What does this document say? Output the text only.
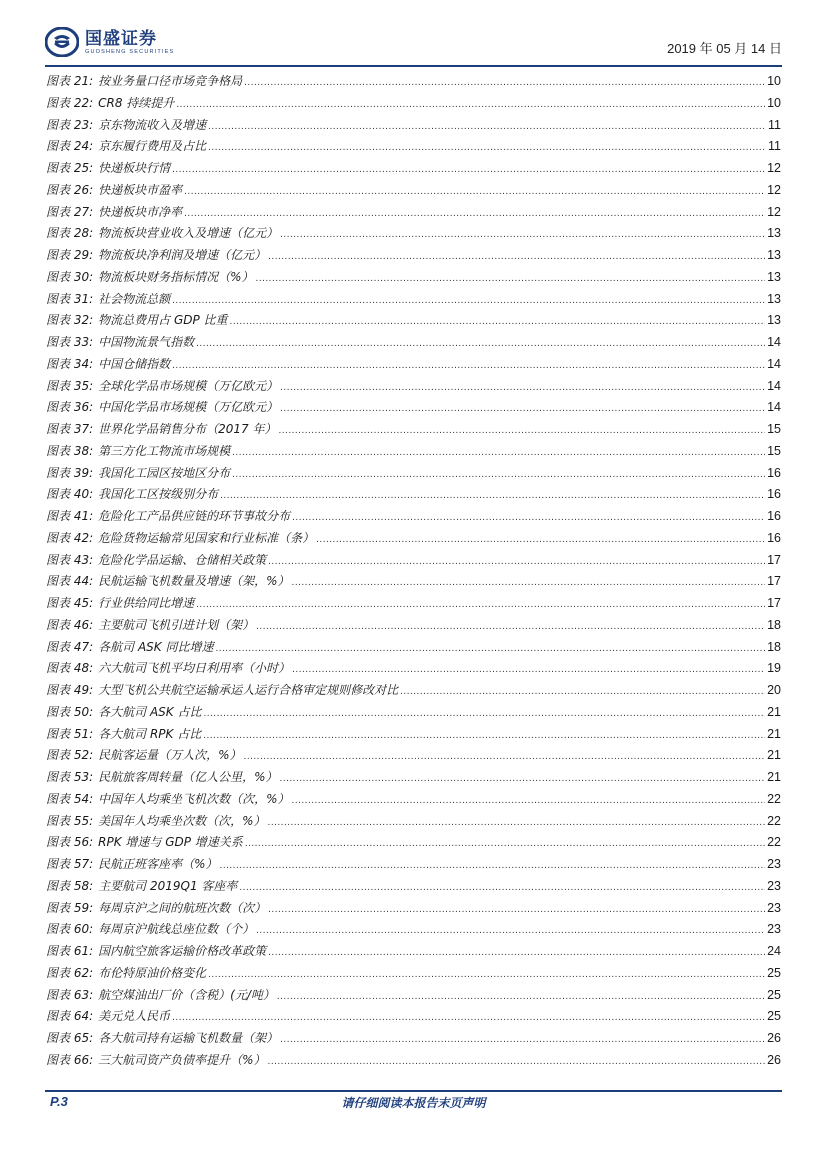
国盛证券
GUOSHENG SECURITIES	2019 年 05 月 14 日
图表 21: 按业务量口径市场竞争格局 .....	10
图表 22: CR8 持续提升 .....	10
图表 23: 京东物流收入及增速 .....	11
图表 24: 京东履行费用及占比 .....	11
图表 25: 快递板块行情 .....	12
图表 26: 快递板块市盈率 .....	12
图表 27: 快递板块市净率 .....	12
图表 28: 物流板块营业收入及增速（亿元） .....	13
图表 29: 物流板块净利润及增速（亿元） .....	13
图表 30: 物流板块财务指标情况（%） .....	13
图表 31: 社会物流总额 .....	13
图表 32: 物流总费用占 GDP 比重 .....	13
图表 33: 中国物流景气指数 .....	14
图表 34: 中国仓储指数 .....	14
图表 35: 全球化学品市场规模（万亿欧元） .....	14
图表 36: 中国化学品市场规模（万亿欧元） .....	14
图表 37: 世界化学品销售分布（2017 年） .....	15
图表 38: 第三方化工物流市场规模 .....	15
图表 39: 我国化工园区按地区分布 .....	16
图表 40: 我国化工区按级别分布 .....	16
图表 41: 危险化工产品供应链的环节事故分布 .....	16
图表 42: 危险货物运输常见国家和行业标准（条） .....	16
图表 43: 危险化学品运输、仓储相关政策 .....	17
图表 44: 民航运输飞机数量及增速（架，%） .....	17
图表 45: 行业供给同比增速 .....	17
图表 46: 主要航司飞机引进计划（架） .....	18
图表 47: 各航司 ASK 同比增速 .....	18
图表 48: 六大航司飞机平均日利用率（小时） .....	19
图表 49: 大型飞机公共航空运输承运人运行合格审定规则修改对比 .....	20
图表 50: 各大航司 ASK 占比 .....	21
图表 51: 各大航司 RPK 占比 .....	21
图表 52: 民航客运量（万人次，%） .....	21
图表 53: 民航旅客周转量（亿人公里，%） .....	21
图表 54: 中国年人均乘坐飞机次数（次，%） .....	22
图表 55: 美国年人均乘坐次数（次，%） .....	22
图表 56: RPK 增速与 GDP 增速关系 .....	22
图表 57: 民航正班客座率（%） .....	23
图表 58: 主要航司 2019Q1 客座率 .....	23
图表 59: 每周京沪之间的航班次数（次） .....	23
图表 60: 每周京沪航线总座位数（个） .....	23
图表 61: 国内航空旅客运输价格改革政策 .....	24
图表 62: 布伦特原油价格变化 .....	25
图表 63: 航空煤油出厂价（含税）(元/吨） .....	25
图表 64: 美元兑人民币 .....	25
图表 65: 各大航司持有运输飞机数量（架） .....	26
图表 66: 三大航司资产负债率提升（%） .....	26
P.3	请仔细阅读本报告末页声明
